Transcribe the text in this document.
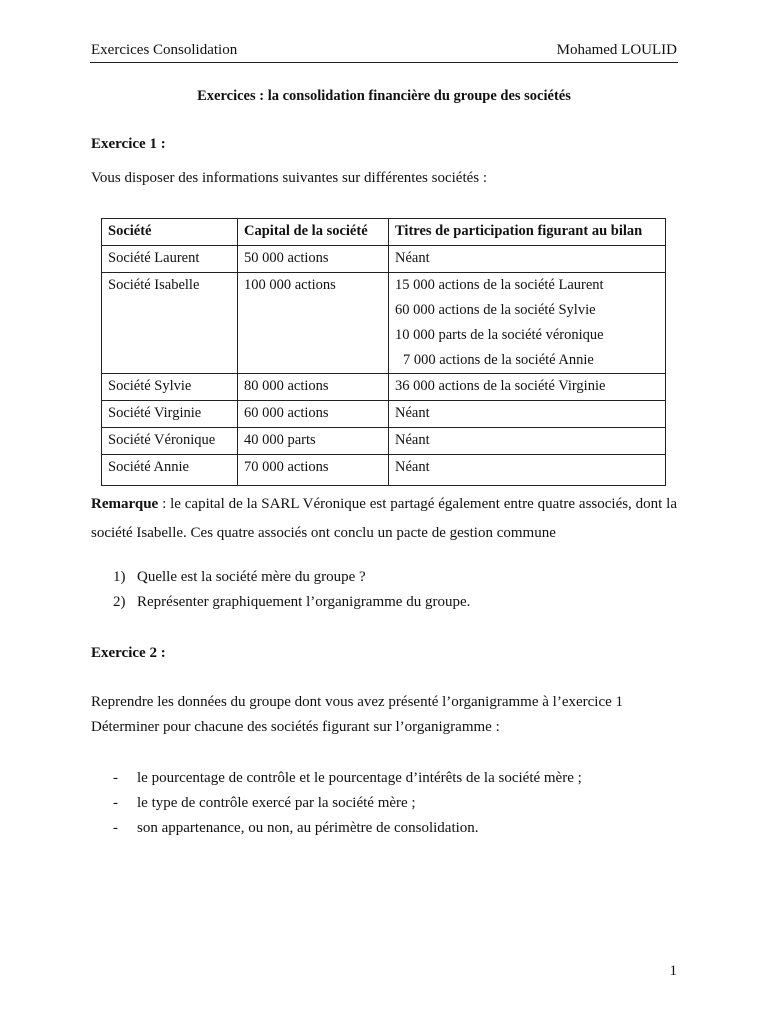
Exercices Consolidation	Mohamed LOULID
Exercices : la consolidation financière du groupe des sociétés
Exercice 1 :
Vous disposer des informations suivantes sur différentes sociétés :
Société	Capital de la société	Titres de participation figurant au bilan
Société Laurent	50 000 actions	Néant
Société Isabelle	100 000 actions	15 000 actions de la société Laurent
60 000 actions de la société Sylvie
10 000 parts de la société véronique
7 000 actions de la société Annie

Société Sylvie	80 000 actions	36 000 actions de la société Virginie
Société Virginie	60 000 actions	Néant
Société Véronique	40 000 parts	Néant
Société Annie	70 000 actions	Néant
Remarque : le capital de la SARL Véronique est partagé également entre quatre associés, dont la société Isabelle. Ces quatre associés ont conclu un pacte de gestion commune
1) Quelle est la société mère du groupe ?
2) Représenter graphiquement l’organigramme du groupe.
Exercice 2 :
Reprendre les données du groupe dont vous avez présenté l’organigramme à l’exercice 1
Déterminer pour chacune des sociétés figurant sur l’organigramme :
- le pourcentage de contrôle et le pourcentage d’intérêts de la société mère ;
- le type de contrôle exercé par la société mère ;
- son appartenance, ou non, au périmètre de consolidation.
1
